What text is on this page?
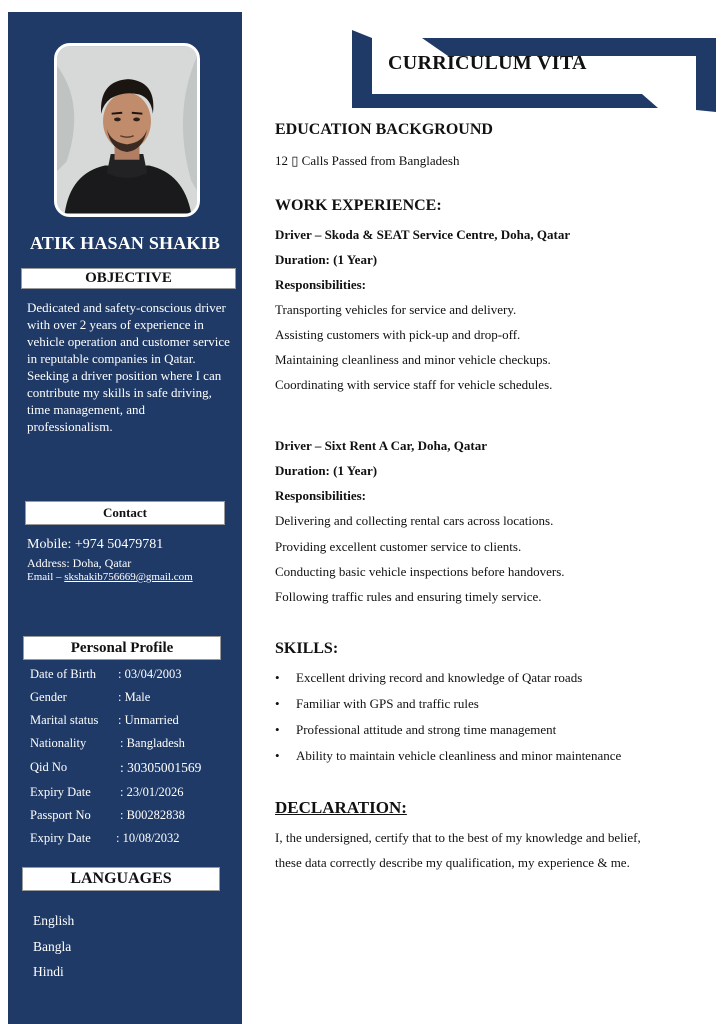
ATIK HASAN SHAKIB
OBJECTIVE
Dedicated and safety-conscious driver with over 2 years of experience in vehicle operation and customer service in reputable companies in Qatar. Seeking a driver position where I can contribute my skills in safe driving, time management, and professionalism.
Contact
Mobile: +974 50479781
Address: Doha, Qatar
Email – skshakib756669@gmail.com
Personal Profile
Date of Birth : 03/04/2003
Gender	: Male
Marital status : Unmarried
Nationality	: Bangladesh
Qid No	: 30305001569
Expiry Date : 23/01/2026
Passport No : B00282838
Expiry Date : 10/08/2032
LANGUAGES
English
Bangla
Hindi
CURRICULUM VITA
EDUCATION BACKGROUND
12 ▯ Calls Passed from Bangladesh
WORK EXPERIENCE:
Driver – Skoda & SEAT Service Centre, Doha, Qatar
Duration: (1 Year)
Responsibilities:
Transporting vehicles for service and delivery.
Assisting customers with pick-up and drop-off.
Maintaining cleanliness and minor vehicle checkups.
Coordinating with service staff for vehicle schedules.
Driver – Sixt Rent A Car, Doha, Qatar
Duration: (1 Year)
Responsibilities:
Delivering and collecting rental cars across locations.
Providing excellent customer service to clients.
Conducting basic vehicle inspections before handovers.
Following traffic rules and ensuring timely service.
SKILLS:
• Excellent driving record and knowledge of Qatar roads
• Familiar with GPS and traffic rules
• Professional attitude and strong time management
• Ability to maintain vehicle cleanliness and minor maintenance
DECLARATION:
I, the undersigned, certify that to the best of my knowledge and belief,
these data correctly describe my qualification, my experience & me.
